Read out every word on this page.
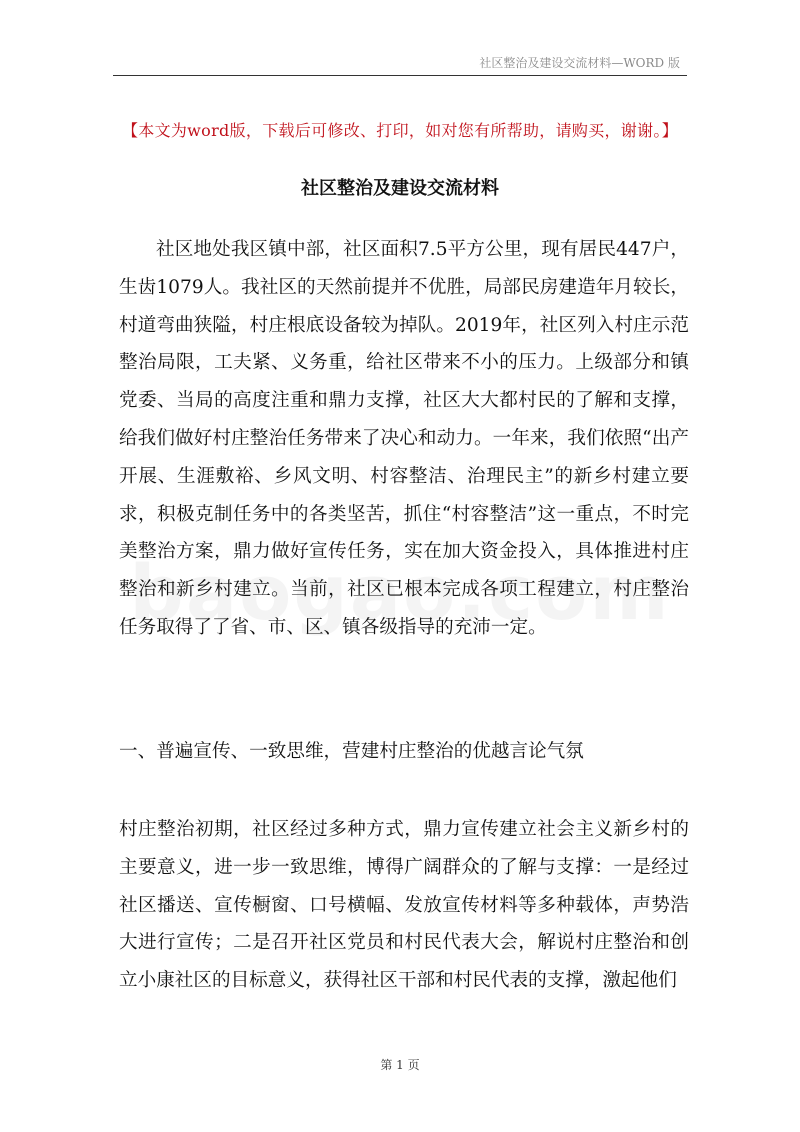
社区整治及建设交流材料—WORD 版
【本文为word版，下载后可修改、打印，如对您有所帮助，请购买，谢谢。】
社区整治及建设交流材料

社区地处我区镇中部，社区面积7.5平方公里，现有居民447户，生齿1079人。我社区的天然前提并不优胜，局部民房建造年月较长，村道弯曲狭隘，村庄根底设备较为掉队。2019年，社区列入村庄示范整治局限，工夫紧、义务重，给社区带来不小的压力。上级部分和镇党委、当局的高度注重和鼎力支撑，社区大大都村民的了解和支撑，给我们做好村庄整治任务带来了决心和动力。一年来，我们依照“出产开展、生涯敷裕、乡风文明、村容整洁、治理民主”的新乡村建立要求，积极克制任务中的各类坚苦，抓住“村容整洁”这一重点，不时完美整治方案，鼎力做好宣传任务，实在加大资金投入，具体推进村庄整治和新乡村建立。当前，社区已根本完成各项工程建立，村庄整治任务取得了了省、市、区、镇各级指导的充沛一定。

一、普遍宣传、一致思维，营建村庄整治的优越言论气氛

村庄整治初期，社区经过多种方式，鼎力宣传建立社会主义新乡村的主要意义，进一步一致思维，博得广阔群众的了解与支撑：一是经过社区播送、宣传橱窗、口号横幅、发放宣传材料等多种载体，声势浩大进行宣传；二是召开社区党员和村民代表大会，解说村庄整治和创立小康社区的目标意义，获得社区干部和村民代表的支撑，激起他们

第 1 页
